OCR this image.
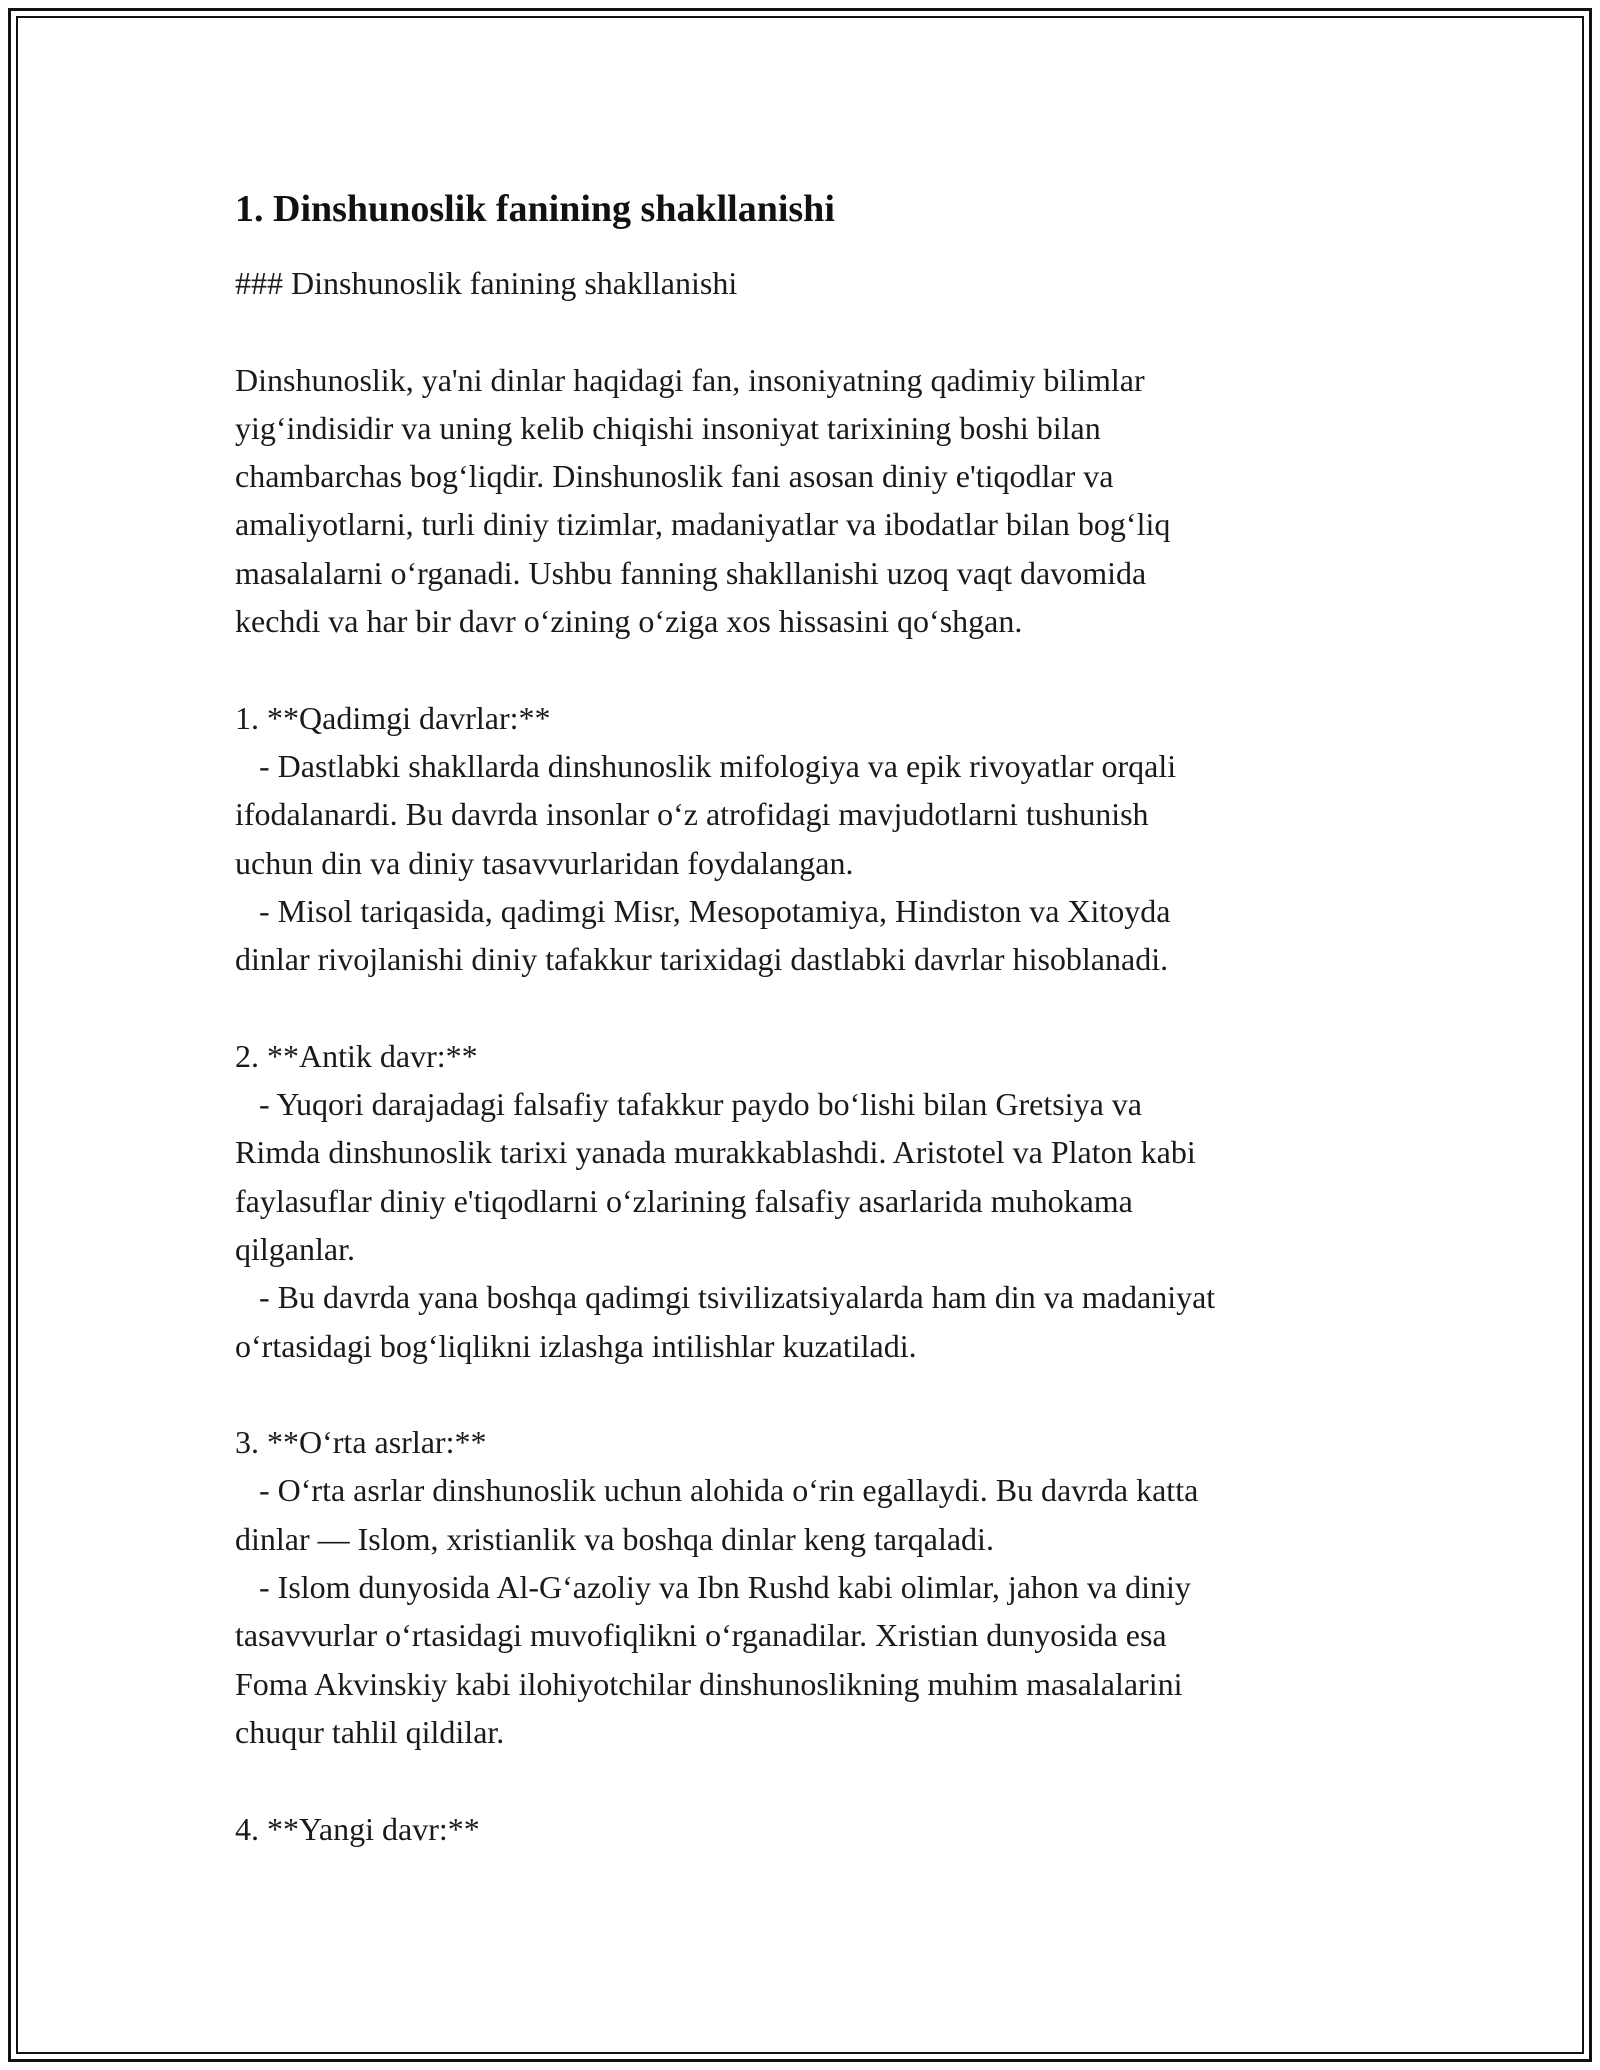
1. Dinshunoslik fanining shakllanishi
### Dinshunoslik fanining shakllanishi
Dinshunoslik, ya'ni dinlar haqidagi fan, insoniyatning qadimiy bilimlar
yig‘indisidir va uning kelib chiqishi insoniyat tarixining boshi bilan
chambarchas bog‘liqdir. Dinshunoslik fani asosan diniy e'tiqodlar va
amaliyotlarni, turli diniy tizimlar, madaniyatlar va ibodatlar bilan bog‘liq
masalalarni o‘rganadi. Ushbu fanning shakllanishi uzoq vaqt davomida
kechdi va har bir davr o‘zining o‘ziga xos hissasini qo‘shgan.
1. **Qadimgi davrlar:**
- Dastlabki shakllarda dinshunoslik mifologiya va epik rivoyatlar orqali
ifodalanardi. Bu davrda insonlar o‘z atrofidagi mavjudotlarni tushunish
uchun din va diniy tasavvurlaridan foydalangan.
- Misol tariqasida, qadimgi Misr, Mesopotamiya, Hindiston va Xitoyda
dinlar rivojlanishi diniy tafakkur tarixidagi dastlabki davrlar hisoblanadi.
2. **Antik davr:**
- Yuqori darajadagi falsafiy tafakkur paydo bo‘lishi bilan Gretsiya va
Rimda dinshunoslik tarixi yanada murakkablashdi. Aristotel va Platon kabi
faylasuflar diniy e'tiqodlarni o‘zlarining falsafiy asarlarida muhokama
qilganlar.
- Bu davrda yana boshqa qadimgi tsivilizatsiyalarda ham din va madaniyat
o‘rtasidagi bog‘liqlikni izlashga intilishlar kuzatiladi.
3. **O‘rta asrlar:**
- O‘rta asrlar dinshunoslik uchun alohida o‘rin egallaydi. Bu davrda katta
dinlar — Islom, xristianlik va boshqa dinlar keng tarqaladi.
- Islom dunyosida Al-G‘azoliy va Ibn Rushd kabi olimlar, jahon va diniy
tasavvurlar o‘rtasidagi muvofiqlikni o‘rganadilar. Xristian dunyosida esa
Foma Akvinskiy kabi ilohiyotchilar dinshunoslikning muhim masalalarini
chuqur tahlil qildilar.
4. **Yangi davr:**
